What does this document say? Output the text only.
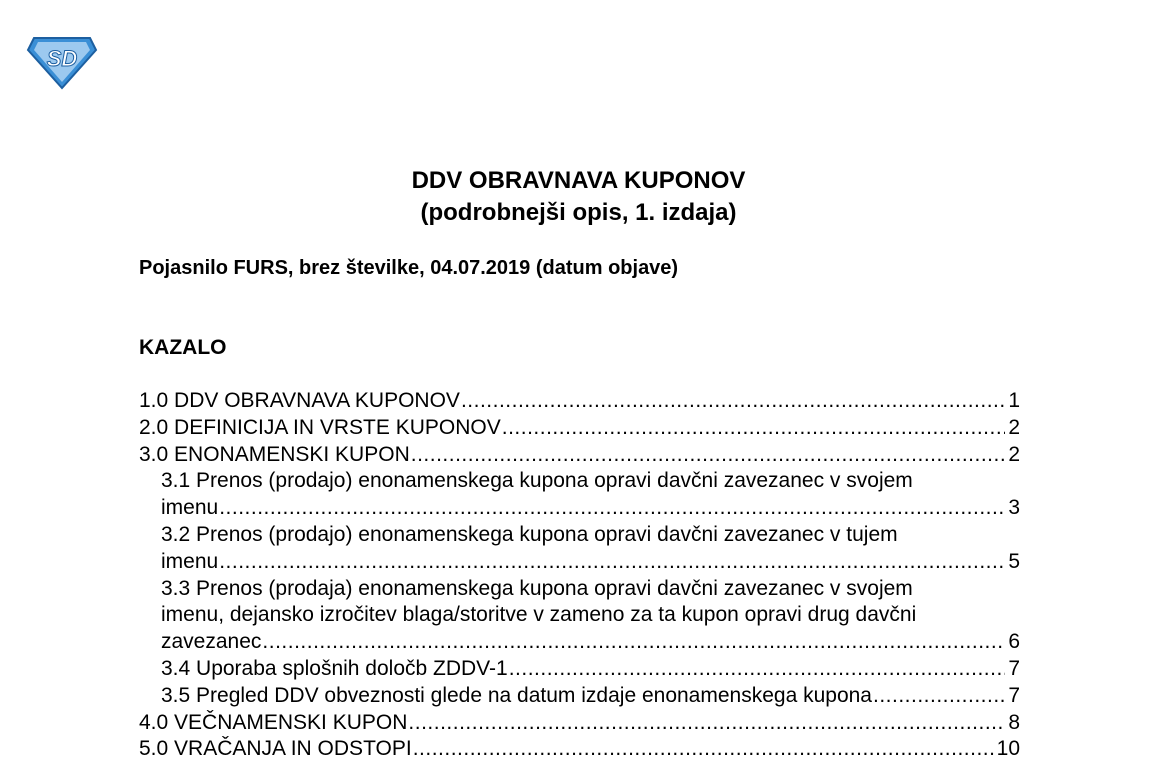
SD
DDV OBRAVNAVA KUPONOV
(podrobnejši opis, 1. izdaja)
Pojasnilo FURS, brez številke, 04.07.2019 (datum objave)
KAZALO
1.0 DDV OBRAVNAVA KUPONOV .....	1
2.0 DEFINICIJA IN VRSTE KUPONOV .....	2
3.0 ENONAMENSKI KUPON .....	2
3.1 Prenos (prodajo) enonamenskega kupona opravi davčni zavezanec v svojem
imenu .....	3
3.2 Prenos (prodajo) enonamenskega kupona opravi davčni zavezanec v tujem
imenu .....	5
3.3 Prenos (prodaja) enonamenskega kupona opravi davčni zavezanec v svojem
imenu, dejansko izročitev blaga/storitve v zameno za ta kupon opravi drug davčni
zavezanec .....	6
3.4 Uporaba splošnih določb ZDDV-1 .....	7
3.5 Pregled DDV obveznosti glede na datum izdaje enonamenskega kupona .....	7
4.0 VEČNAMENSKI KUPON .....	8
5.0 VRAČANJA IN ODSTOPI .....	10
